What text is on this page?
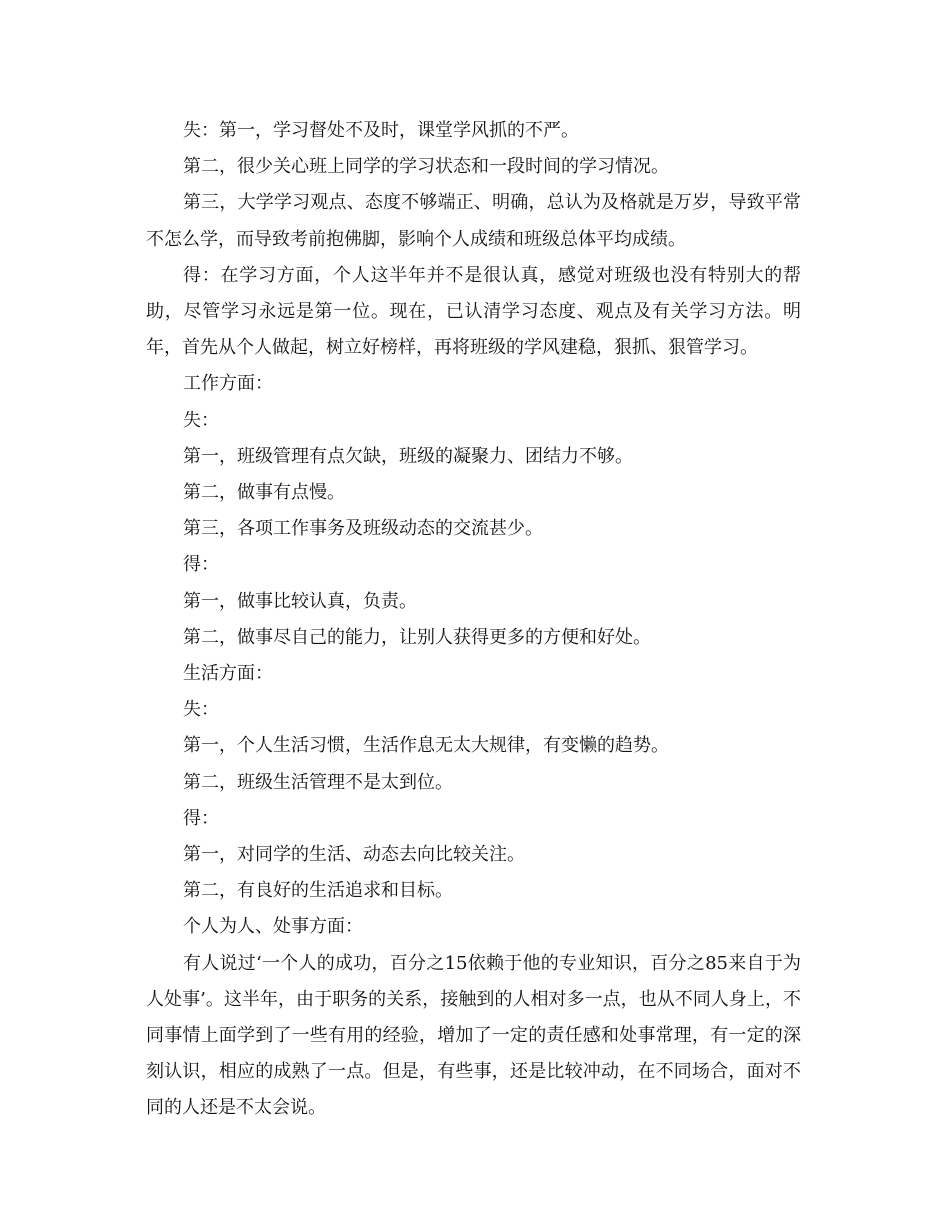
失：第一，学习督处不及时，课堂学风抓的不严。

第二，很少关心班上同学的学习状态和一段时间的学习情况。

第三，大学学习观点、态度不够端正、明确，总认为及格就是万岁，导致平常不怎么学，而导致考前抱佛脚，影响个人成绩和班级总体平均成绩。

得：在学习方面，个人这半年并不是很认真，感觉对班级也没有特别大的帮助，尽管学习永远是第一位。现在，已认清学习态度、观点及有关学习方法。明年，首先从个人做起，树立好榜样，再将班级的学风建稳，狠抓、狠管学习。

工作方面：

失：

第一，班级管理有点欠缺，班级的凝聚力、团结力不够。

第二，做事有点慢。

第三，各项工作事务及班级动态的交流甚少。

得：

第一，做事比较认真，负责。

第二，做事尽自己的能力，让别人获得更多的方便和好处。

生活方面：

失：

第一，个人生活习惯，生活作息无太大规律，有变懒的趋势。

第二，班级生活管理不是太到位。

得：

第一，对同学的生活、动态去向比较关注。

第二，有良好的生活追求和目标。

个人为人、处事方面：

有人说过‘一个人的成功，百分之15依赖于他的专业知识，百分之85来自于为人处事’。这半年，由于职务的关系，接触到的人相对多一点，也从不同人身上，不同事情上面学到了一些有用的经验，增加了一定的责任感和处事常理，有一定的深刻认识，相应的成熟了一点。但是，有些事，还是比较冲动，在不同场合，面对不同的人还是不太会说。
